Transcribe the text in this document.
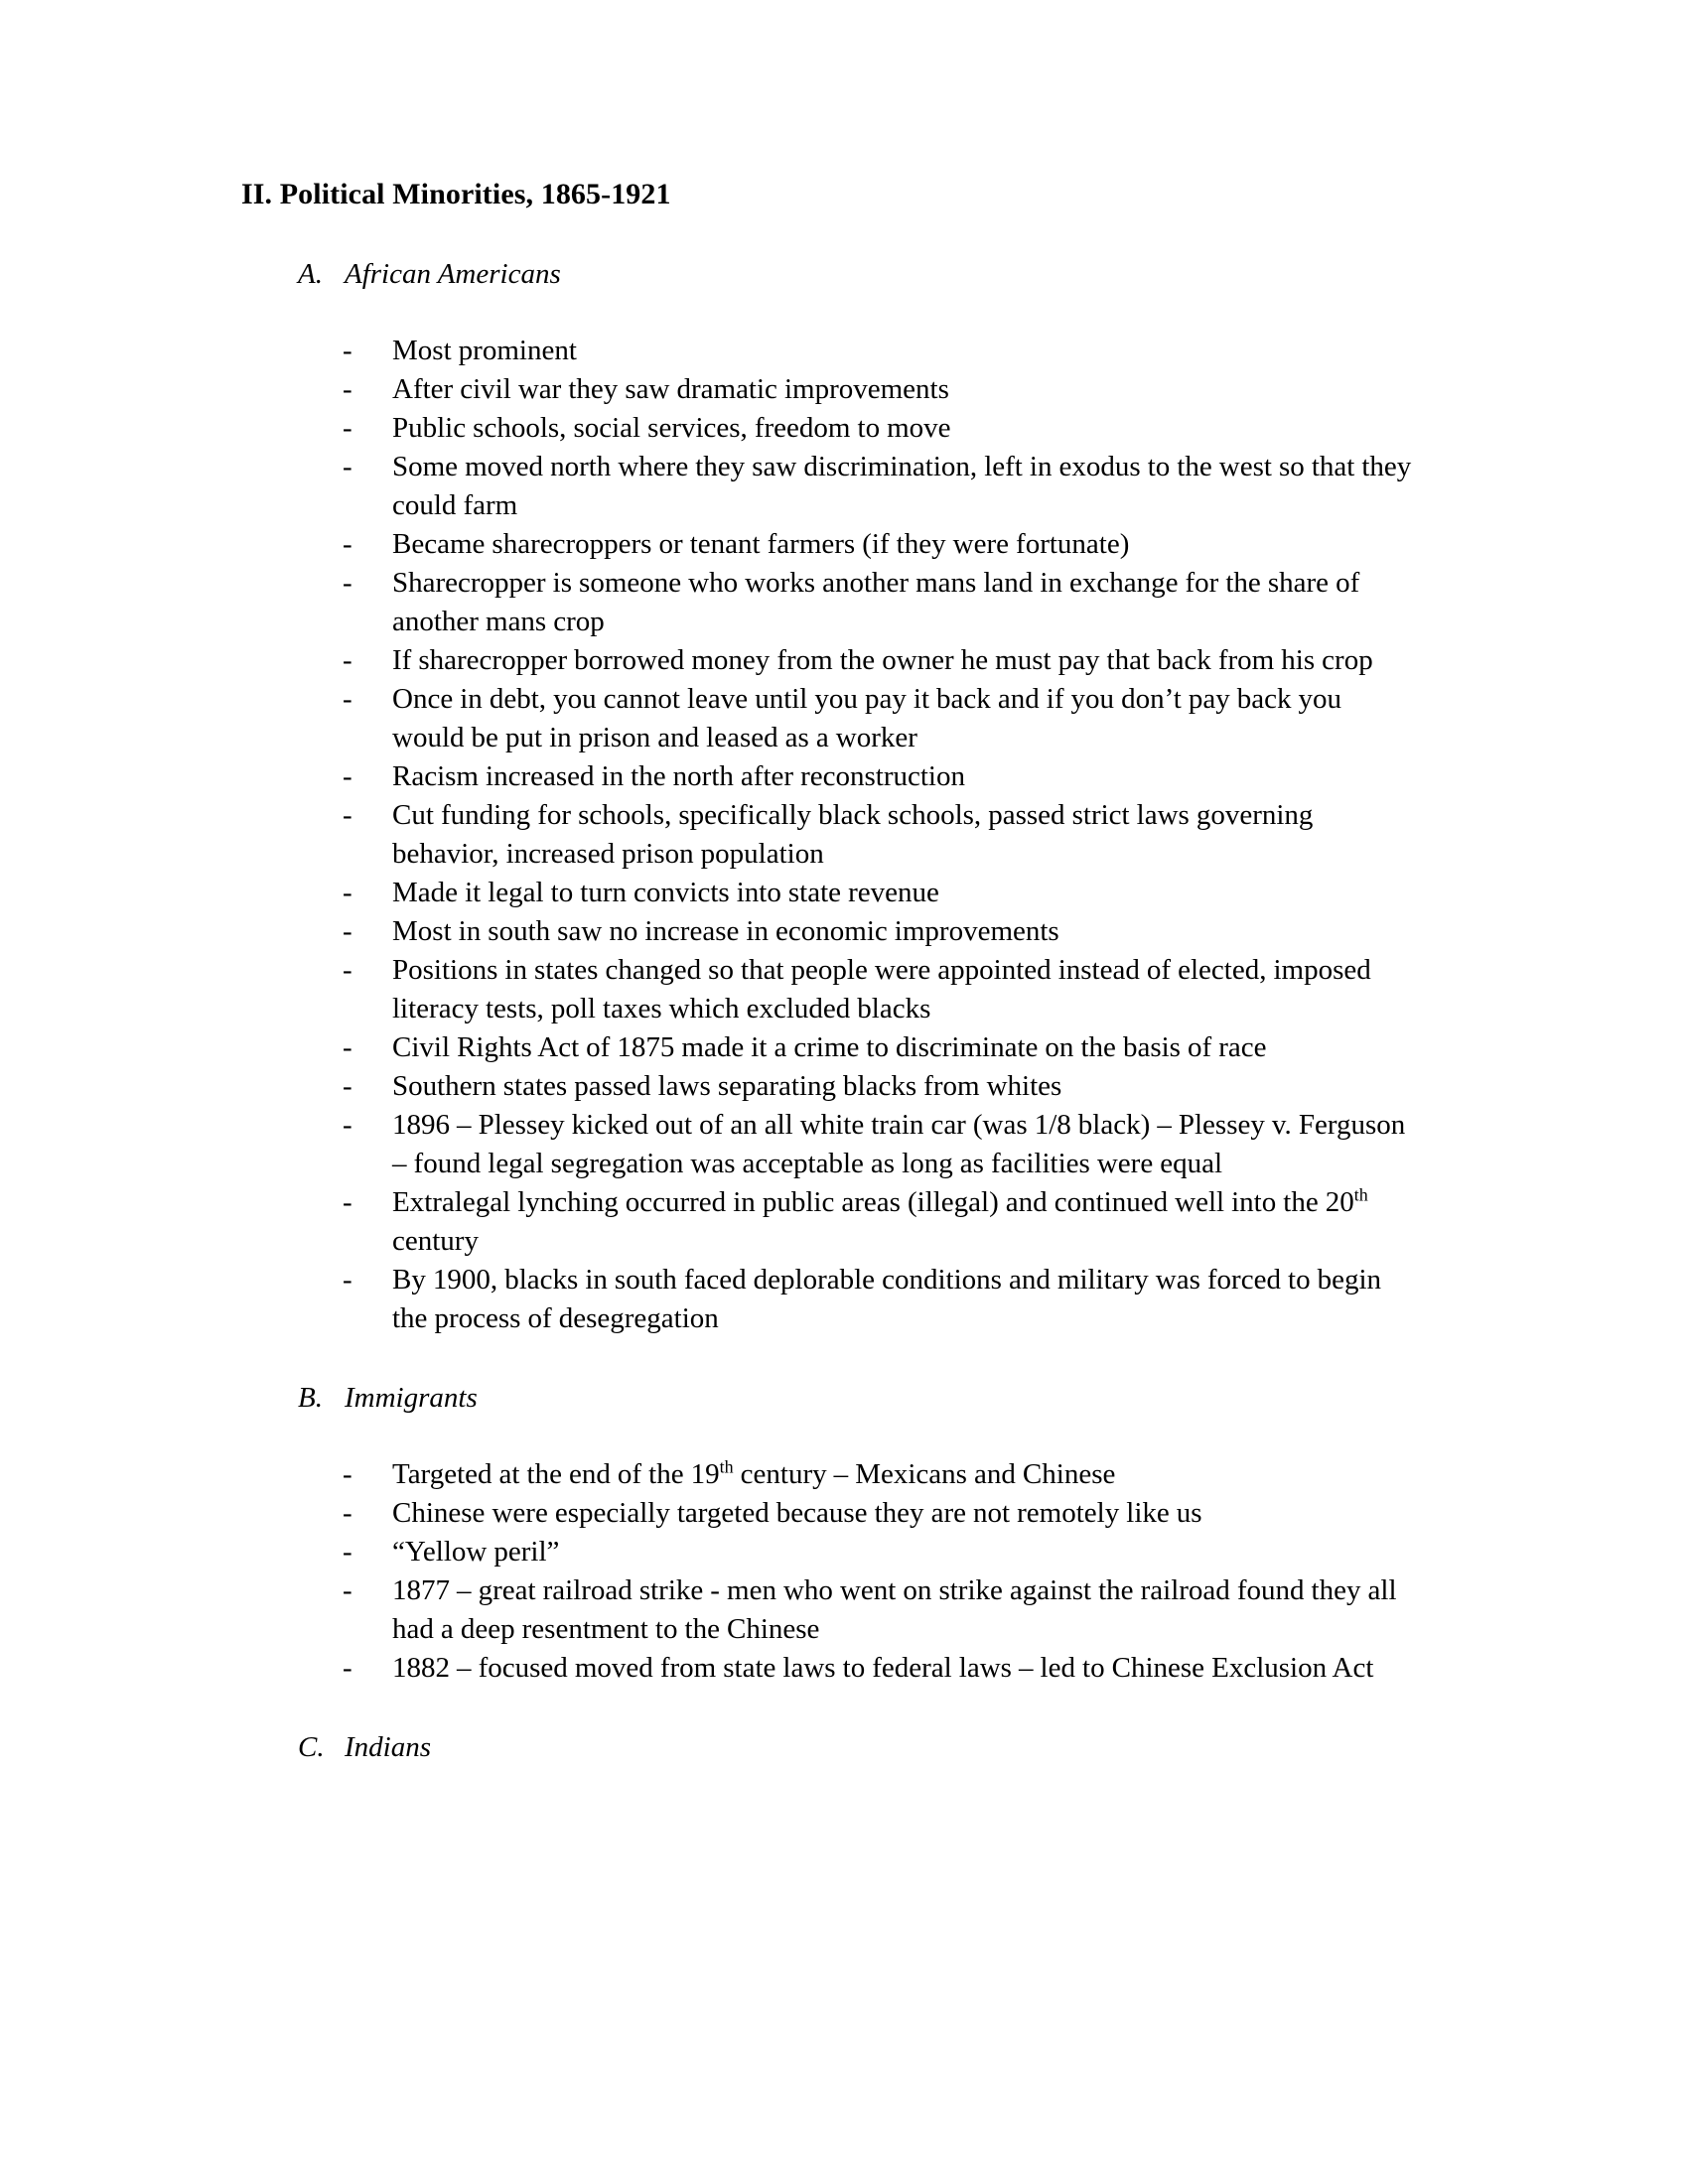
II. Political Minorities, 1865-1921
A. African Americans
-	Most prominent
-	After civil war they saw dramatic improvements
-	Public schools, social services, freedom to move
-	Some moved north where they saw discrimination, left in exodus to the west so that they could farm
-	Became sharecroppers or tenant farmers (if they were fortunate)
-	Sharecropper is someone who works another mans land in exchange for the share of another mans crop
-	If sharecropper borrowed money from the owner he must pay that back from his crop
-	Once in debt, you cannot leave until you pay it back and if you don’t pay back you would be put in prison and leased as a worker
-	Racism increased in the north after reconstruction
-	Cut funding for schools, specifically black schools, passed strict laws governing behavior, increased prison population
-	Made it legal to turn convicts into state revenue
-	Most in south saw no increase in economic improvements
-	Positions in states changed so that people were appointed instead of elected, imposed literacy tests, poll taxes which excluded blacks
-	Civil Rights Act of 1875 made it a crime to discriminate on the basis of race
-	Southern states passed laws separating blacks from whites
-	1896 – Plessey kicked out of an all white train car (was 1/8 black) – Plessey v. Ferguson – found legal segregation was acceptable as long as facilities were equal
-	Extralegal lynching occurred in public areas (illegal) and continued well into the 20th century
-	By 1900, blacks in south faced deplorable conditions and military was forced to begin the process of desegregation
B. Immigrants
-	Targeted at the end of the 19th century – Mexicans and Chinese
-	Chinese were especially targeted because they are not remotely like us
-	“Yellow peril”
-	1877 – great railroad strike - men who went on strike against the railroad found they all had a deep resentment to the Chinese
-	1882 – focused moved from state laws to federal laws – led to Chinese Exclusion Act
C. Indians
